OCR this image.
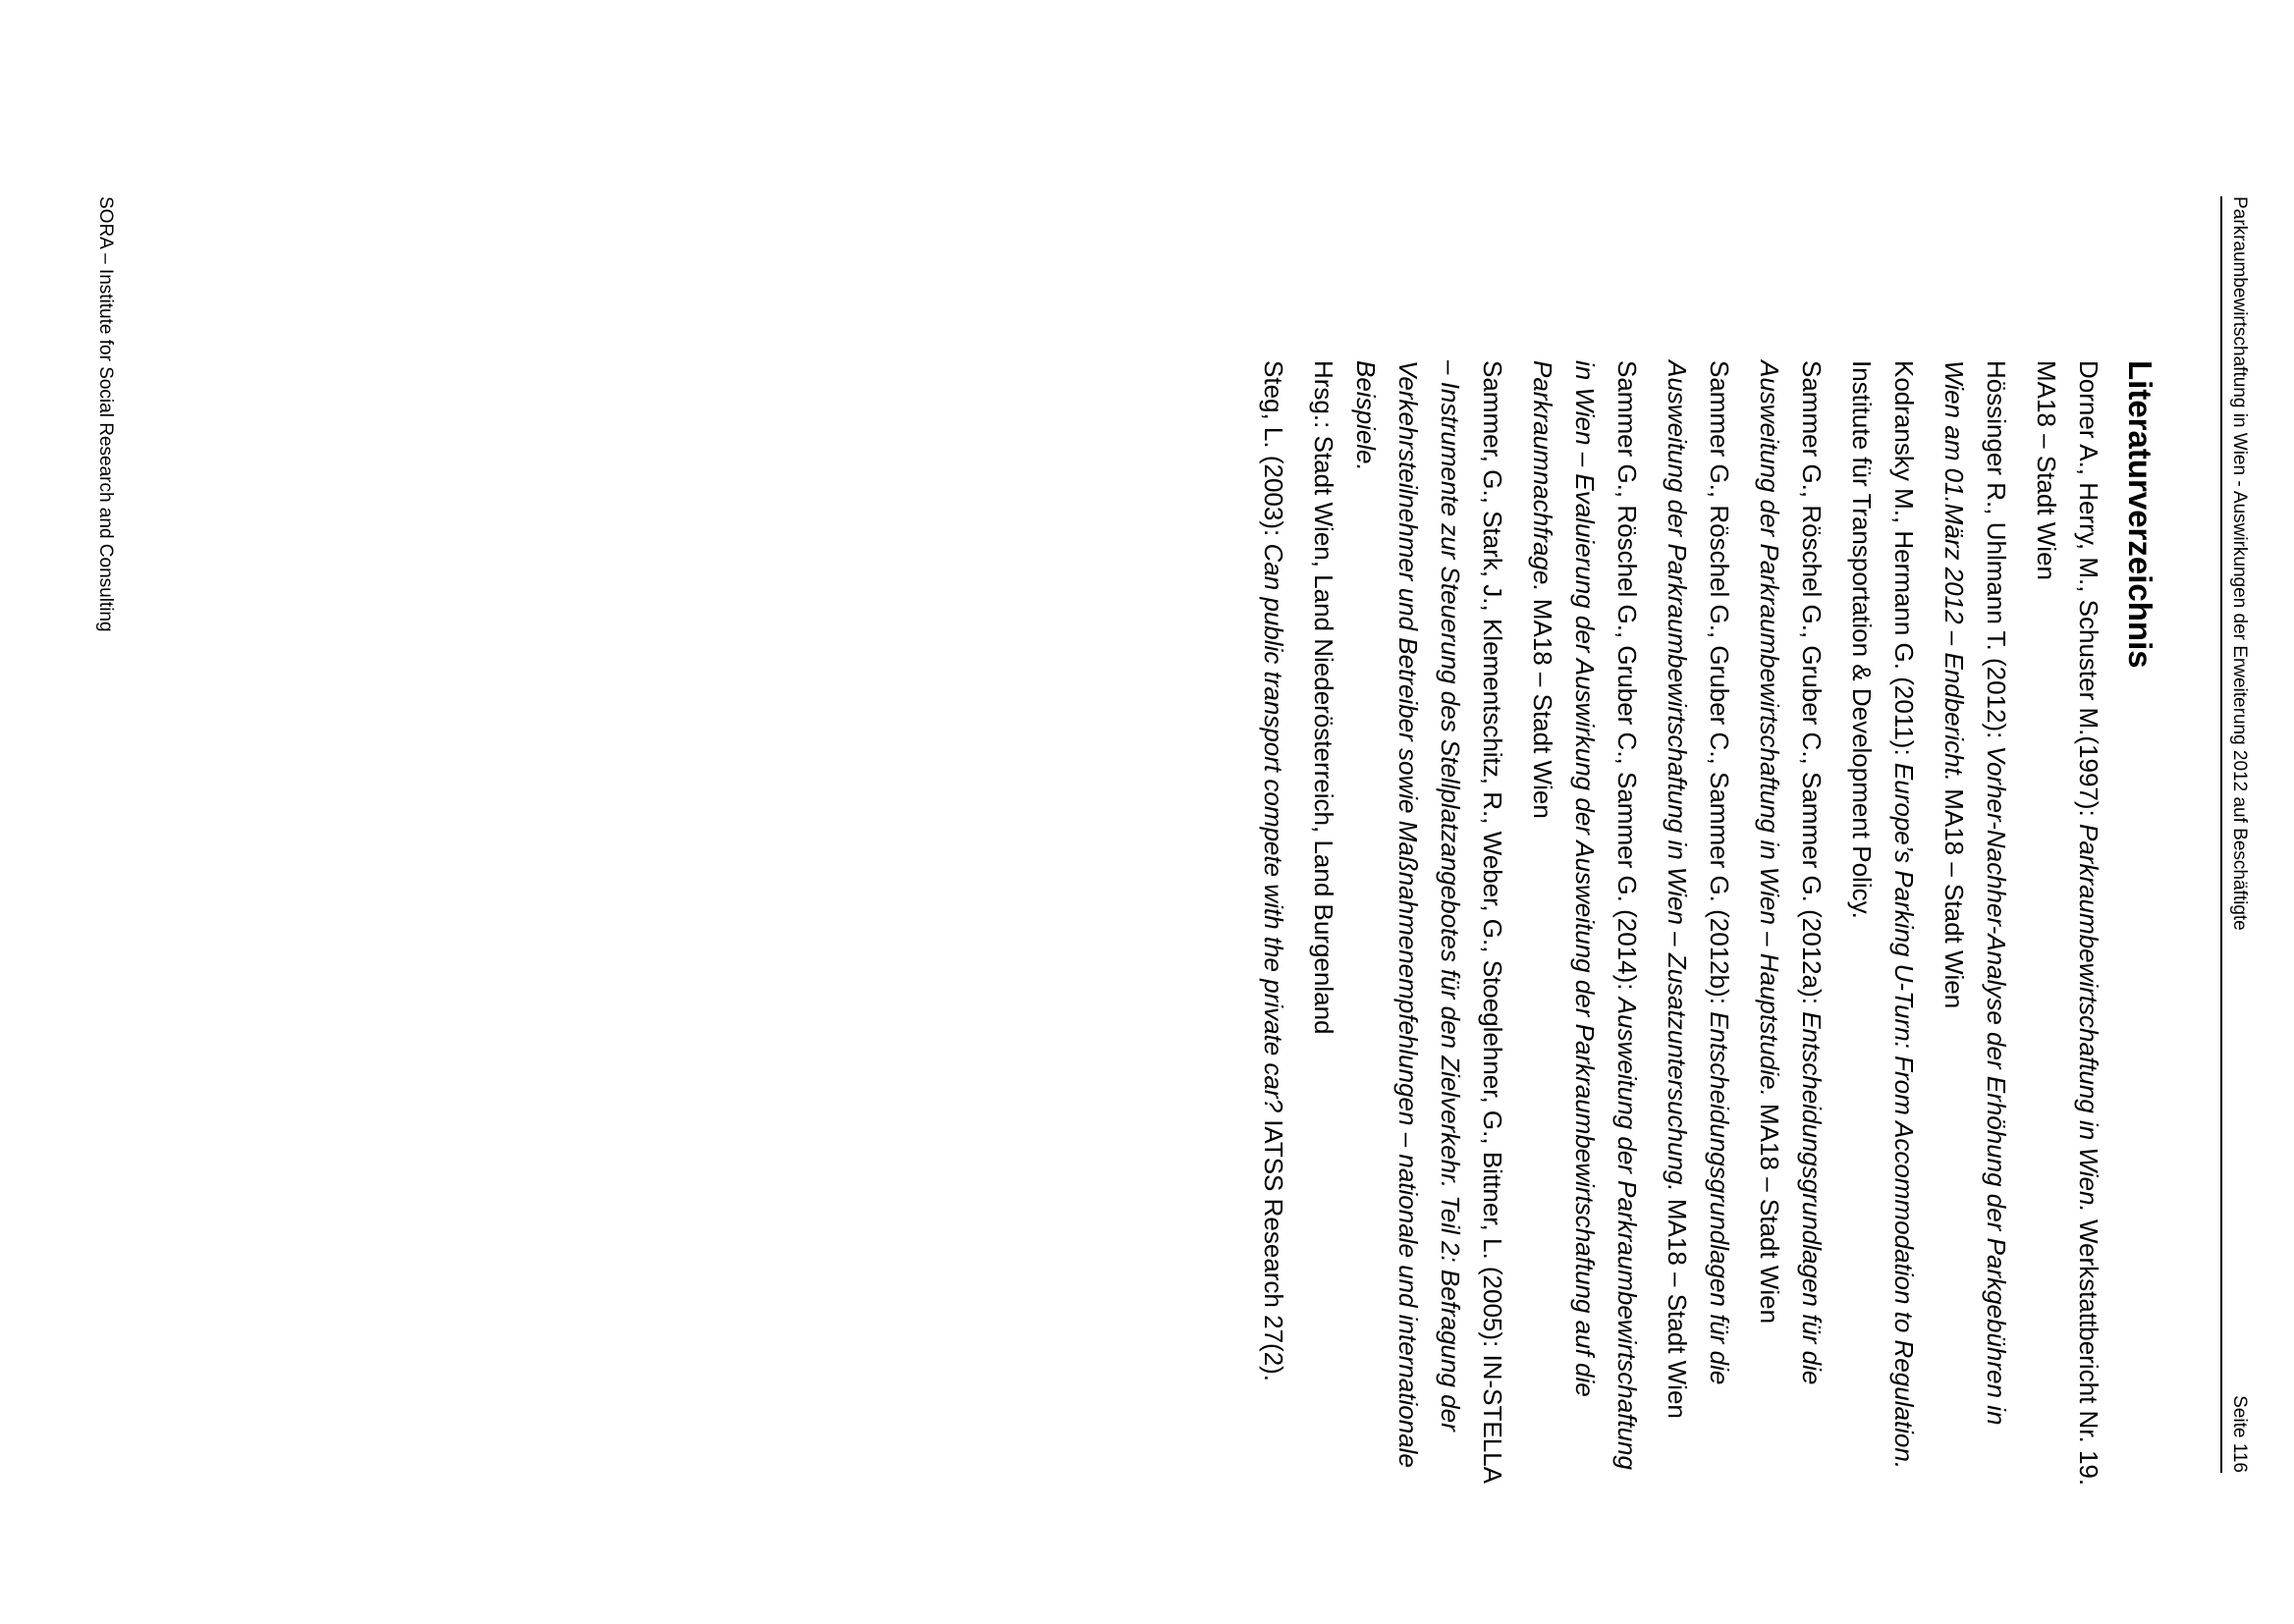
Parkraumbewirtschaftung in Wien - Auswirkungen der Erweiterung 2012 auf Beschäftigte
Seite 116
Literaturverzeichnis

Dorner A., Herry, M., Schuster M.(1997): Parkraumbewirtschaftung in Wien. Werkstattbericht Nr. 19. MA18 – Stadt Wien

Hössinger R., Uhlmann T. (2012): Vorher-Nachher-Analyse der Erhöhung der Parkgebühren in Wien am 01.März 2012 – Endbericht. MA18 – Stadt Wien

Kodransky M., Hermann G. (2011): Europe’s Parking U-Turn: From Accommodation to Regulation. Institute für Transportation & Development Policy.

Sammer G., Röschel G., Gruber C., Sammer G. (2012a): Entscheidungsgrundlagen für die Ausweitung der Parkraumbewirtschaftung in Wien – Hauptstudie. MA18 – Stadt Wien

Sammer G., Röschel G., Gruber C., Sammer G. (2012b): Entscheidungsgrundlagen für die Ausweitung der Parkraumbewirtschaftung in Wien – Zusatzuntersuchung. MA18 – Stadt Wien

Sammer G., Röschel G., Gruber C., Sammer G. (2014): Ausweitung der Parkraumbewirtschaftung in Wien – Evaluierung der Auswirkung der Ausweitung der Parkraumbewirtschaftung auf die Parkraumnachfrage. MA18 – Stadt Wien

Sammer, G., Stark, J., Klementschitz, R., Weber, G., Stoeglehner, G., Bittner, L. (2005): IN-STELLA – Instrumente zur Steuerung des Stellplatzangebotes für den Zielverkehr. Teil 2: Befragung der Verkehrsteilnehmer und Betreiber sowie Maßnahmenempfehlungen – nationale und internationale Beispiele.

Hrsg.: Stadt Wien, Land Niederösterreich, Land Burgenland

Steg, L. (2003): Can public transport compete with the private car? IATSS Research 27(2).

SORA – Institute for Social Research and Consulting
